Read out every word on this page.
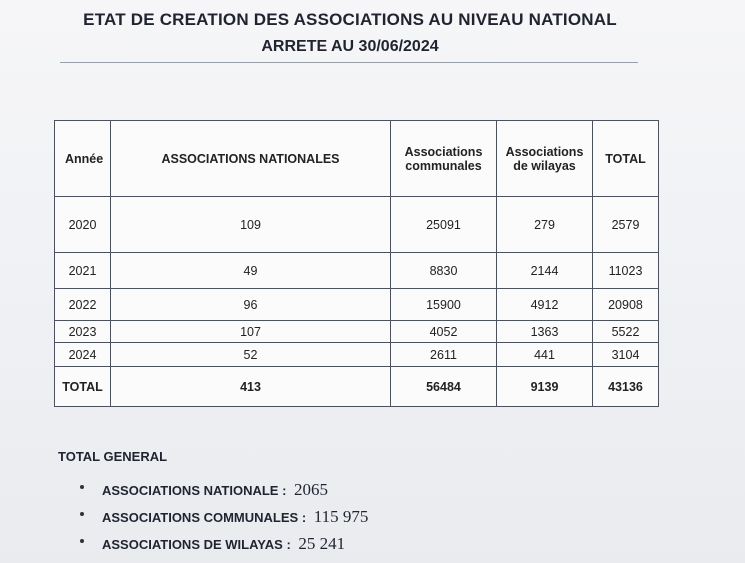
ETAT DE CREATION DES ASSOCIATIONS AU NIVEAU NATIONAL
ARRETE AU 30/06/2024
Année	ASSOCIATIONS NATIONALES	Associations communales	Associations de wilayas	TOTAL
2020	109	25091	279	2579
2021	49	8830	2144	11023
2022	96	15900	4912	20908
2023	107	4052	1363	5522
2024	52	2611	441	3104
TOTAL	413	56484	9139	43136
TOTAL GENERAL
ASSOCIATIONS NATIONALE : 2065
ASSOCIATIONS COMMUNALES : 115 975
ASSOCIATIONS DE WILAYAS : 25 241
